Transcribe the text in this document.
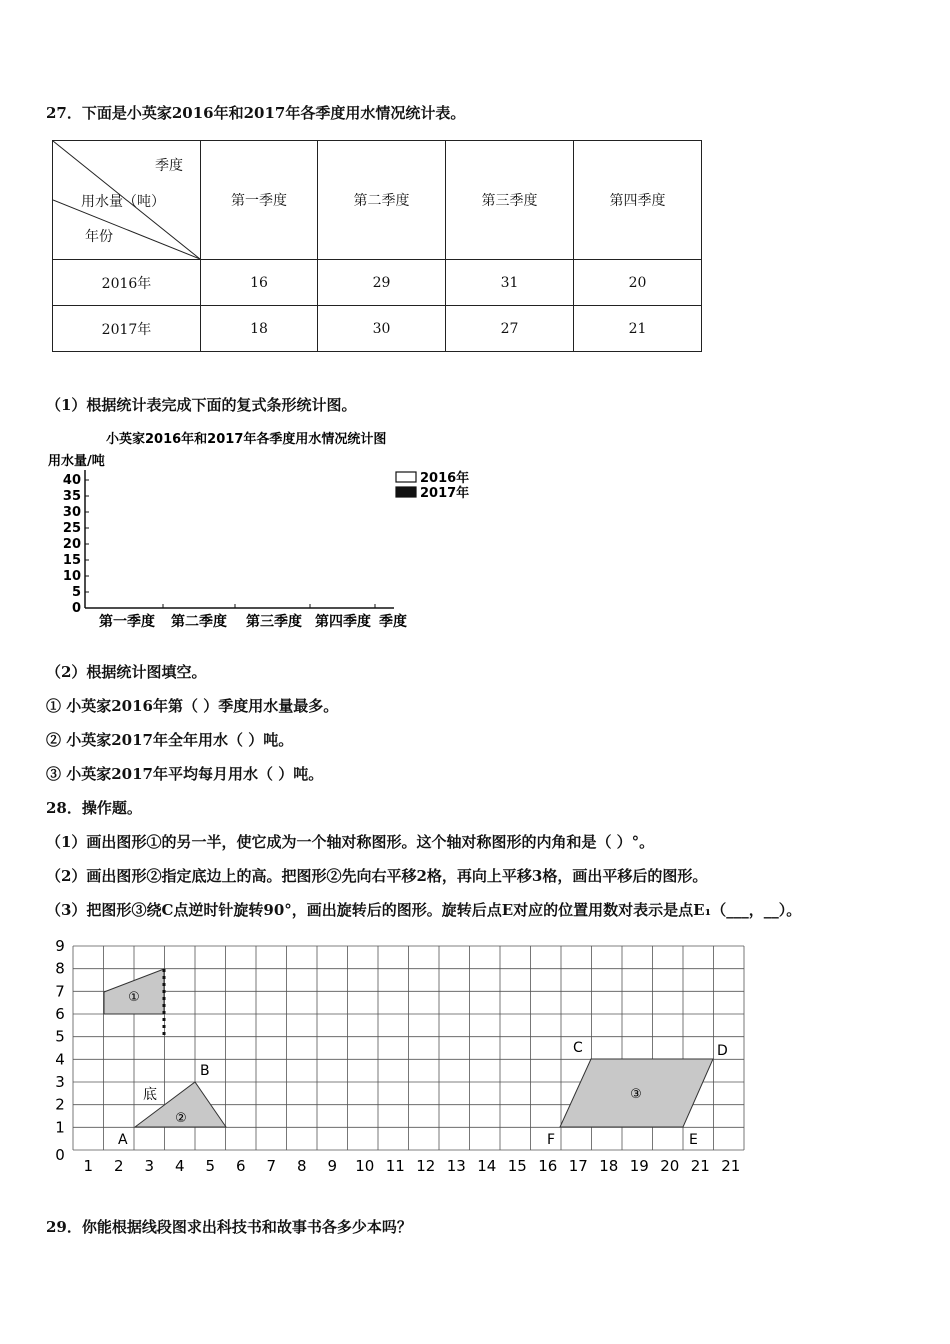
27．下面是小英家2016年和2017年各季度用水情况统计表。
季度
用水量（吨）
年份	第一季度	第二季度	第三季度	第四季度
2016年	16	29	31	20
2017年	18	30	27	21
（1）根据统计表完成下面的复式条形统计图。
小英家2016年和2017年各季度用水情况统计图
用水量/吨
0
5
10
15
20
25
30
35
40
第一季度 第二季度 第三季度 第四季度 季度
2016年
2017年
（2）根据统计图填空。
① 小英家2016年第（ ）季度用水量最多。
② 小英家2017年全年用水（ ）吨。
③ 小英家2017年平均每月用水（ ）吨。
28．操作题。
（1）画出图形①的另一半，使它成为一个轴对称图形。这个轴对称图形的内角和是（ ）°。
（2）画出图形②指定底边上的高。把图形②先向右平移2格，再向上平移3格，画出平移后的图形。
（3）把图形③绕C点逆时针旋转90°，画出旋转后的图形。旋转后点E对应的位置用数对表示是点E₁（___，__）。
①
②
底
A
B
③
C	D
E
F
1 2 3 4 5 6 7 8 9 10 11 12 13 14 15 16 17 18 19 20 21 21
0
1
2
3
4
5
6
7
8
9
29．你能根据线段图求出科技书和故事书各多少本吗？
